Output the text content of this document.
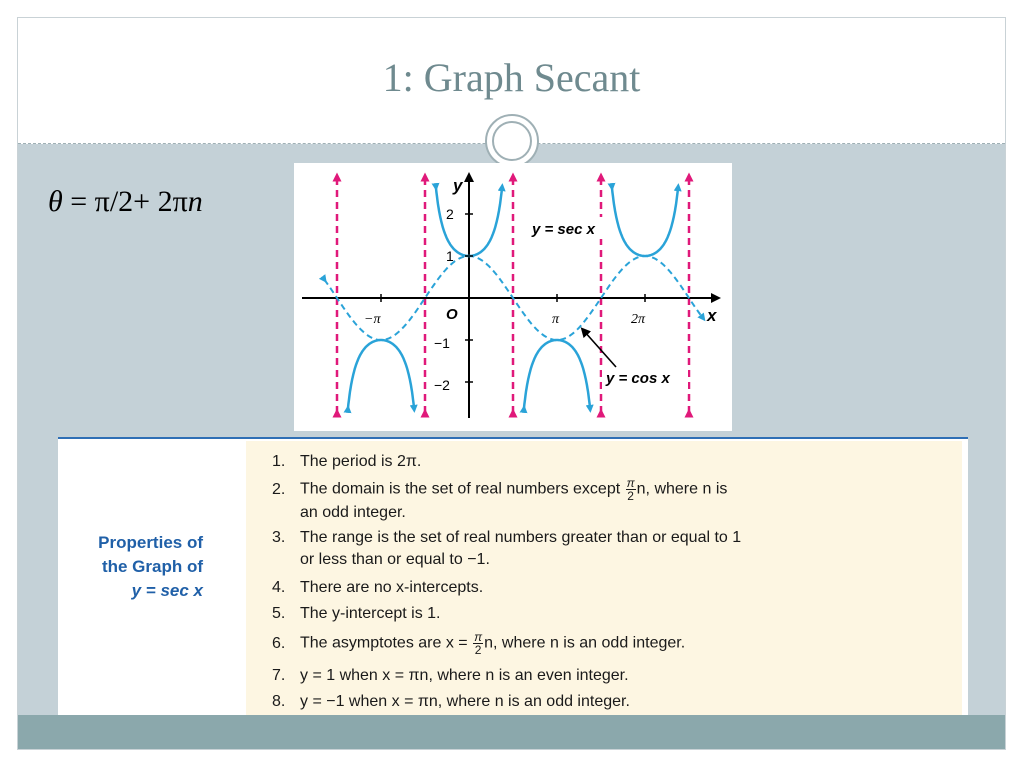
1: Graph Secant
θ = π/2+ 2πn	y
x
O
2
1
−1
−2
−π	π	2π
y = sec x
y = cos x
Properties of
the Graph of
y = sec x
1. The period is 2π.
2. The domain is the set of real numbers except $\frac{\pi}{2} n$, where n is
an odd integer.
3. The range is the set of real numbers greater than or equal to 1
or less than or equal to −1.
4. There are no x-intercepts.
5. The y-intercept is 1.
6. The asymptotes are $x = \frac{\pi}{2} n$, where n is an odd integer.
7. y = 1 when x = πn, where n is an even integer.
8. y = −1 when x = πn, where n is an odd integer.
